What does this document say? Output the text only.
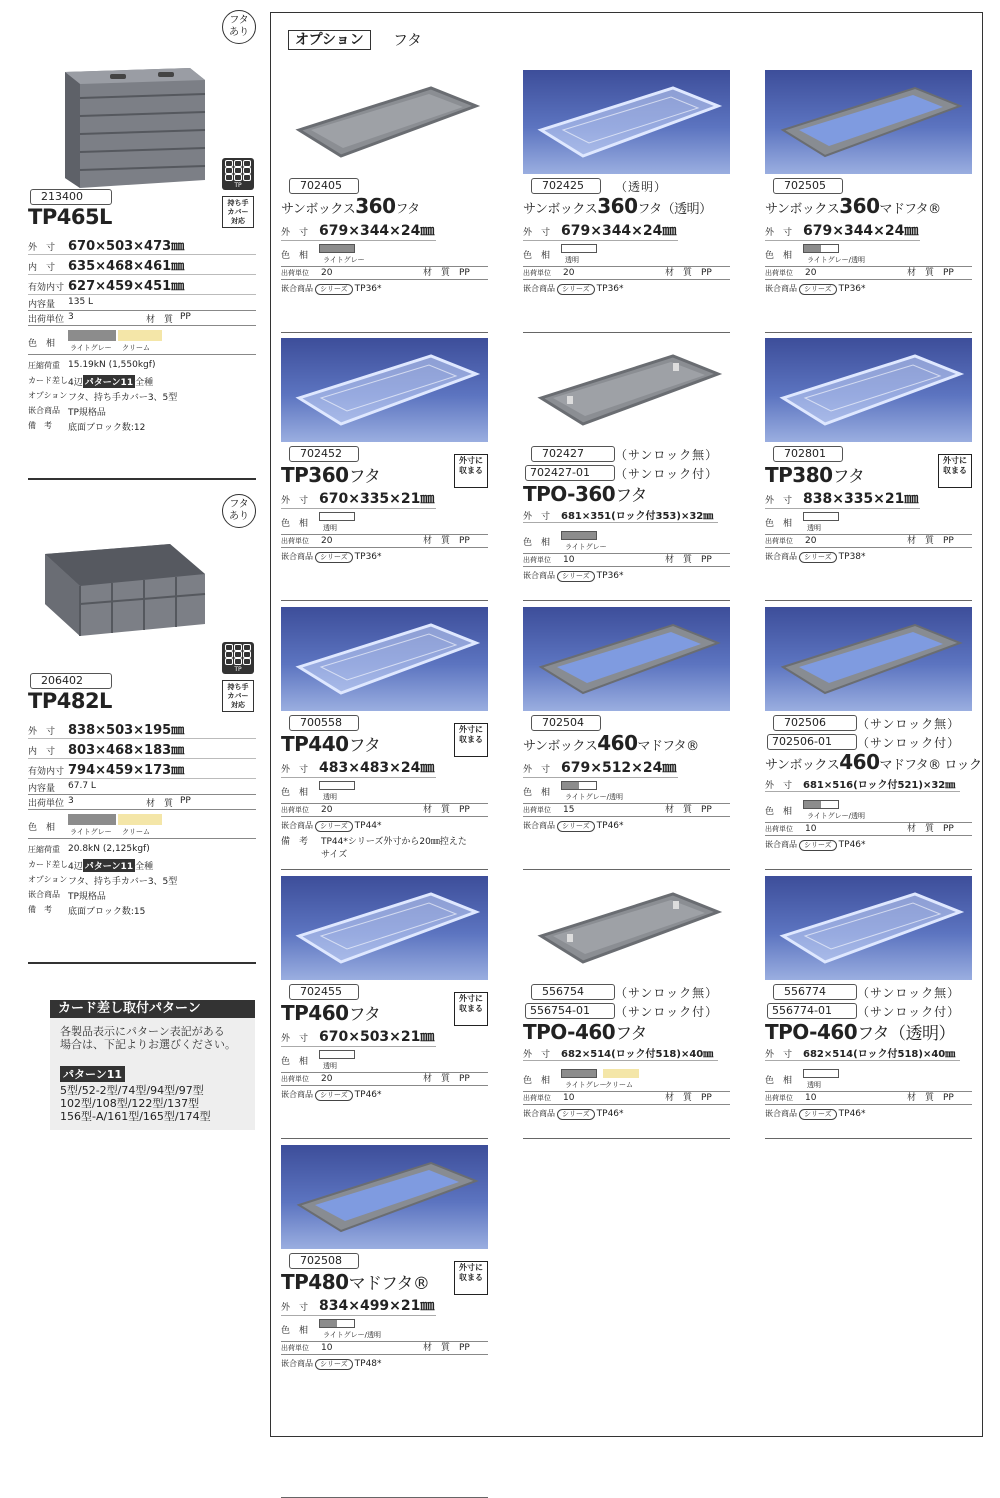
フタ
あり
TP
持ち手
カバー
対応
213400
TP465L
外　寸 670×503×473㎜
内　寸 635×468×461㎜
有効内寸 627×459×451㎜
内容量	135 L
出荷単位 3	材　質 PP
色　相 ライトグレー クリーム
圧縮荷重 15.19kN (1,550kgf)
カード差し 4辺 パターン11 全種
オプション フタ、持ち手カバー3、5型
嵌合商品 TP規格品
備　考	底面ブロック数:12
フタ
あり
TP
持ち手
カバー
対応
206402
TP482L
外　寸 838×503×195㎜
内　寸 803×468×183㎜
有効内寸 794×459×173㎜
内容量	67.7 L
出荷単位 3	材　質 PP
色　相 ライトグレー クリーム
圧縮荷重 20.8kN (2,125kgf)
カード差し 4辺 パターン11 全種
オプション フタ、持ち手カバー3、5型
嵌合商品 TP規格品
備　考	底面ブロック数:15
カード差し取付パターン
各製品表示にパターン表記がある
場合は、下記よりお選びください。
パターン11
5型/52-2型/74型/94型/97型
102型/108型/122型/137型
156型-A/161型/165型/174型
オプション	フタ
702405
サンボックス360フタ
外　寸 679×344×24㎜
色　相 ライトグレー
出荷単位 20	材　質 PP
嵌合商品 シリーズ TP36*
702425	（透明）
サンボックス360フタ（透明）
外　寸 679×344×24㎜
色　相 透明
出荷単位 20	材　質 PP
嵌合商品 シリーズ TP36*
702505
サンボックス360マドフタ®
外　寸 679×344×24㎜
色　相 ライトグレー/透明
出荷単位 20	材　質 PP
嵌合商品 シリーズ TP36*
702452
TP360フタ
外　寸 670×335×21㎜
色　相 透明
出荷単位 20	材　質 PP
嵌合商品 シリーズ TP36*
外寸に
収まる
702427	（サンロック無）
702427-01	（サンロック付）
TPO-360フタ
外　寸 681×351(ロック付353)×32㎜
色　相 ライトグレー
出荷単位 10	材　質 PP
嵌合商品 シリーズ TP36*
702801
TP380フタ
外　寸 838×335×21㎜
色　相 透明
出荷単位 20	材　質 PP
嵌合商品 シリーズ TP38*
外寸に
収まる
700558
TP440フタ
外　寸 483×483×24㎜
色　相 透明
出荷単位 20	材　質 PP
嵌合商品 シリーズ TP44*
備　考 TP44*シリーズ外寸から20㎜控えた
サイズ
外寸に
収まる
702504
サンボックス460マドフタ®
外　寸 679×512×24㎜
色　相 ライトグレー/透明
出荷単位 15	材　質 PP
嵌合商品 シリーズ TP46*
702506	（サンロック無）
702506-01	（サンロック付）
サンボックス460マドフタ® ロック
外　寸 681×516(ロック付521)×32㎜
色　相 ライトグレー/透明
出荷単位 10	材　質 PP
嵌合商品 シリーズ TP46*
702455
TP460フタ
外　寸 670×503×21㎜
色　相 透明
出荷単位 20	材　質 PP
嵌合商品 シリーズ TP46*
外寸に
収まる
556754	（サンロック無）
556754-01	（サンロック付）
TPO-460フタ
外　寸 682×514(ロック付518)×40㎜
色　相 ライトグレー
クリーム
出荷単位 10	材　質 PP
嵌合商品 シリーズ TP46*
556774	（サンロック無）
556774-01	（サンロック付）
TPO-460フタ（透明）
外　寸 682×514(ロック付518)×40㎜
色　相 透明
出荷単位 10	材　質 PP
嵌合商品 シリーズ TP46*
702508
TP480マドフタ®
外　寸 834×499×21㎜
色　相 ライトグレー/透明
出荷単位 10	材　質 PP
嵌合商品 シリーズ TP48*
外寸に
収まる
